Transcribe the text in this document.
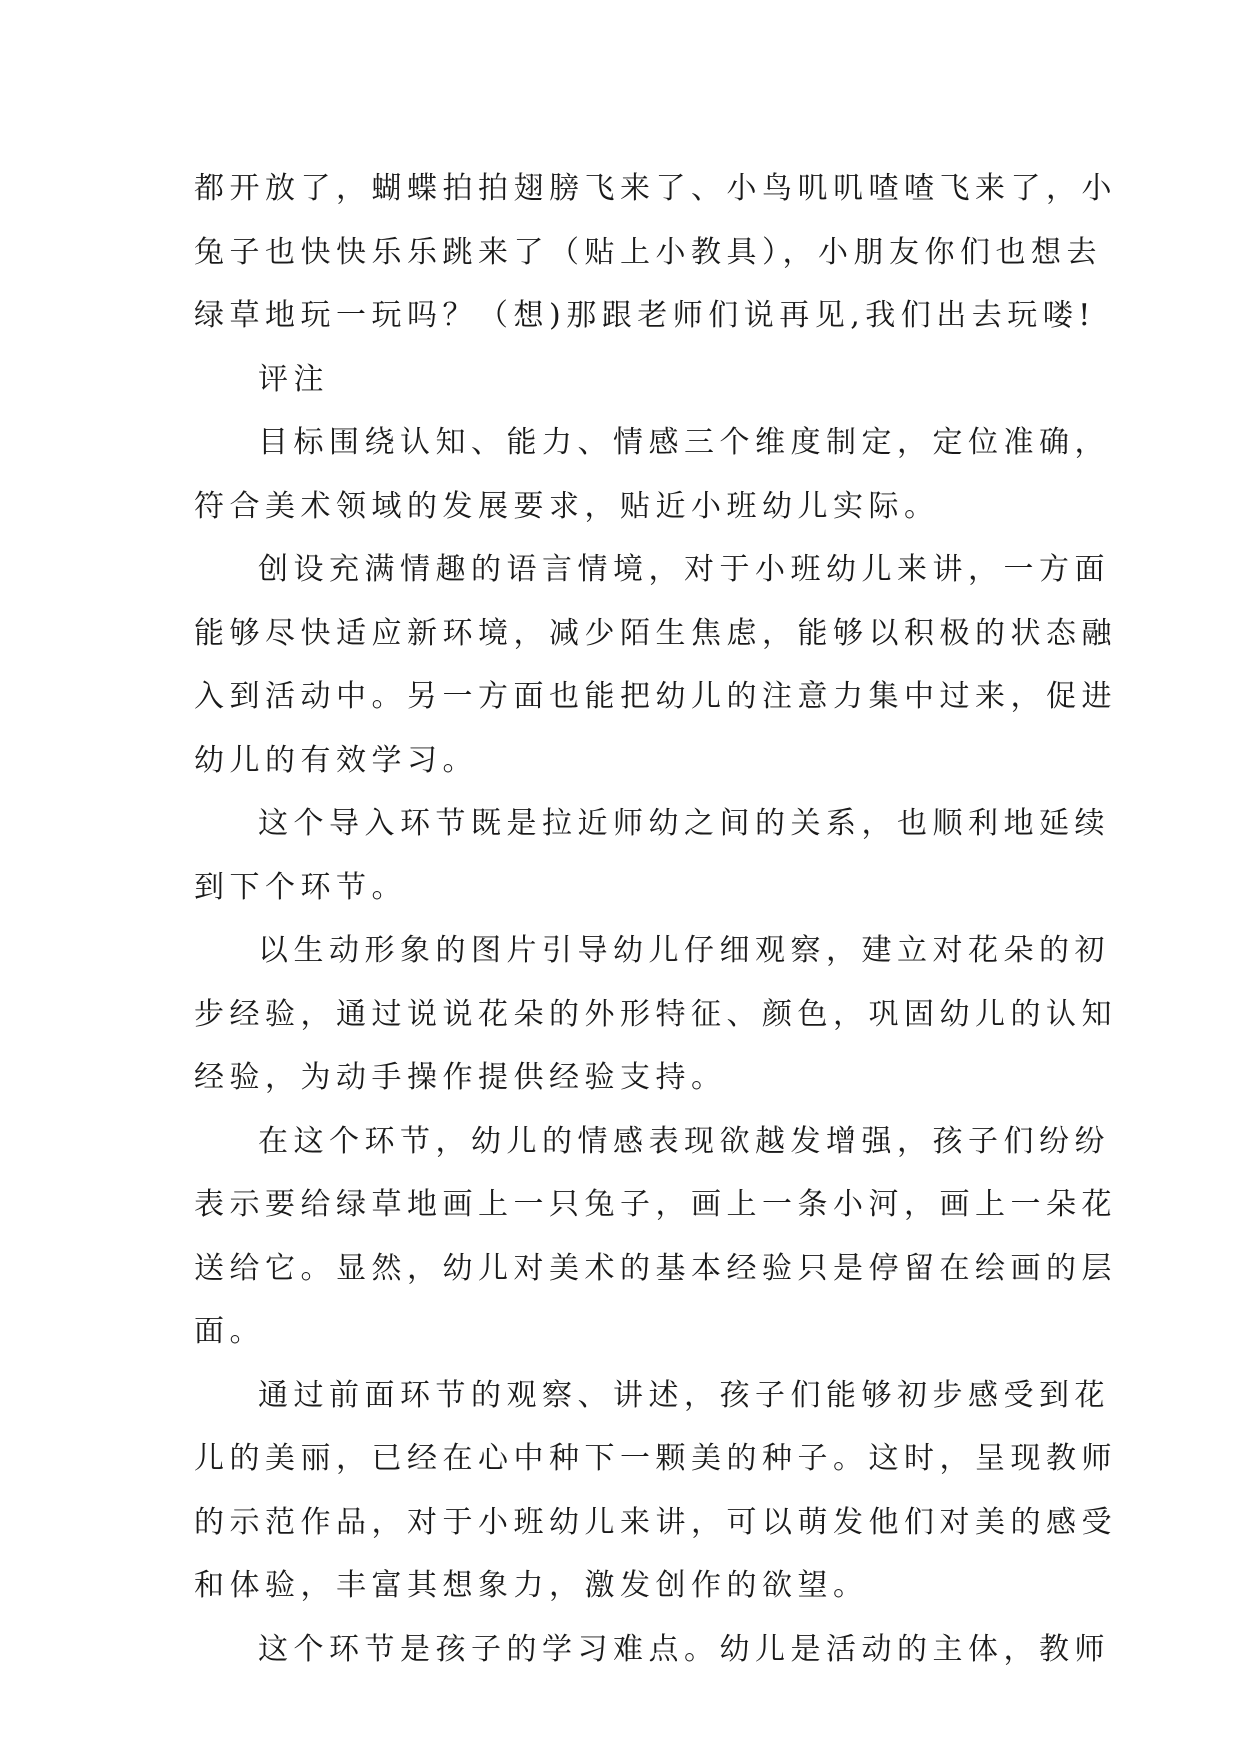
都开放了，蝴蝶拍拍翅膀飞来了、小鸟叽叽喳喳飞来了，小
兔子也快快乐乐跳来了（贴上小教具），小朋友你们也想去
绿草地玩一玩吗？（想)那跟老师们说再见,我们出去玩喽!
评注
目标围绕认知、能力、情感三个维度制定，定位准确，
符合美术领域的发展要求，贴近小班幼儿实际。
创设充满情趣的语言情境，对于小班幼儿来讲，一方面
能够尽快适应新环境，减少陌生焦虑，能够以积极的状态融
入到活动中。另一方面也能把幼儿的注意力集中过来，促进
幼儿的有效学习。
这个导入环节既是拉近师幼之间的关系，也顺利地延续
到下个环节。
以生动形象的图片引导幼儿仔细观察，建立对花朵的初
步经验，通过说说花朵的外形特征、颜色，巩固幼儿的认知
经验，为动手操作提供经验支持。
在这个环节，幼儿的情感表现欲越发增强，孩子们纷纷
表示要给绿草地画上一只兔子，画上一条小河，画上一朵花
送给它。显然，幼儿对美术的基本经验只是停留在绘画的层
面。
通过前面环节的观察、讲述，孩子们能够初步感受到花
儿的美丽，已经在心中种下一颗美的种子。这时，呈现教师
的示范作品，对于小班幼儿来讲，可以萌发他们对美的感受
和体验，丰富其想象力，激发创作的欲望。
这个环节是孩子的学习难点。幼儿是活动的主体，教师
